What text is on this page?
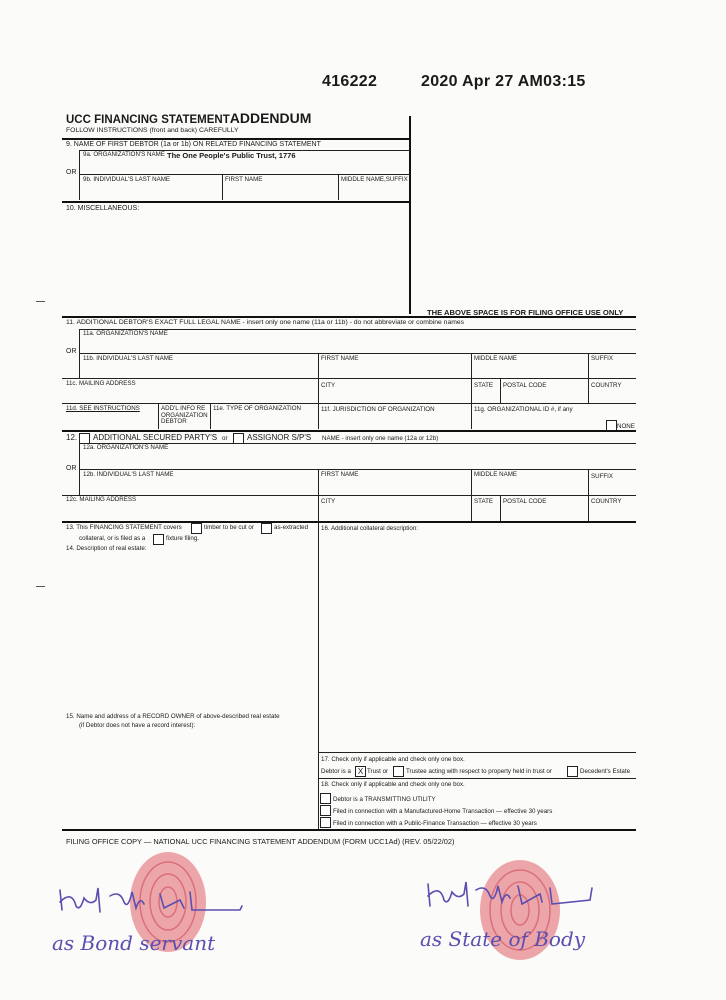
416222	2020 Apr 27 AM03:15
UCC FINANCING STATEMENTADDENDUM
FOLLOW INSTRUCTIONS (front and back) CAREFULLY
9. NAME OF FIRST DEBTOR (1a or 1b) ON RELATED FINANCING STATEMENT
9a. ORGANIZATION'S NAME The One People's Public Trust, 1776
OR
9b. INDIVIDUAL'S LAST NAME	FIRST NAME	MIDDLE NAME,SUFFIX
10. MISCELLANEOUS:
THE ABOVE SPACE IS FOR FILING OFFICE USE ONLY
11. ADDITIONAL DEBTOR'S EXACT FULL LEGAL NAME - insert only one name (11a or 11b) - do not abbreviate or combine names
11a. ORGANIZATION'S NAME
OR
11b. INDIVIDUAL'S LAST NAME	FIRST NAME	MIDDLE NAME	SUFFIX
11c. MAILING ADDRESS	CITY	STATE POSTAL CODE	COUNTRY
11d. SEE INSTRUCTIONS	ADD'L INFO RE ORGANIZATION DEBTOR
11e. TYPE OF ORGANIZATION	11f. JURISDICTION OF ORGANIZATION	11g. ORGANIZATIONAL ID #, if any
NONE
12. ADDITIONAL SECURED PARTY'S or ASSIGNOR S/P'S NAME - insert only one name (12a or 12b)
12a. ORGANIZATION'S NAME
OR
12b. INDIVIDUAL'S LAST NAME	FIRST NAME	MIDDLE NAME	SUFFIX
12c. MAILING ADDRESS	CITY	STATE POSTAL CODE	COUNTRY
13. This FINANCING STATEMENT covers	timber to be cut or	as-extracted
collateral, or is filed as a	fixture filing.
14. Description of real estate:
15. Name and address of a RECORD OWNER of above-described real estate
(if Debtor does not have a record interest):
16. Additional collateral description:
17. Check only if applicable and check only one box.
Debtor is a X Trust or	Trustee acting with respect to property held in trust or	Decedent's Estate
18. Check only if applicable and check only one box.
Debtor is a TRANSMITTING UTILITY
Filed in connection with a Manufactured-Home Transaction — effective 30 years
Filed in connection with a Public-Finance Transaction — effective 30 years
FILING OFFICE COPY — NATIONAL UCC FINANCING STATEMENT ADDENDUM (FORM UCC1Ad) (REV. 05/22/02)
as Bond servant	as State of Body
